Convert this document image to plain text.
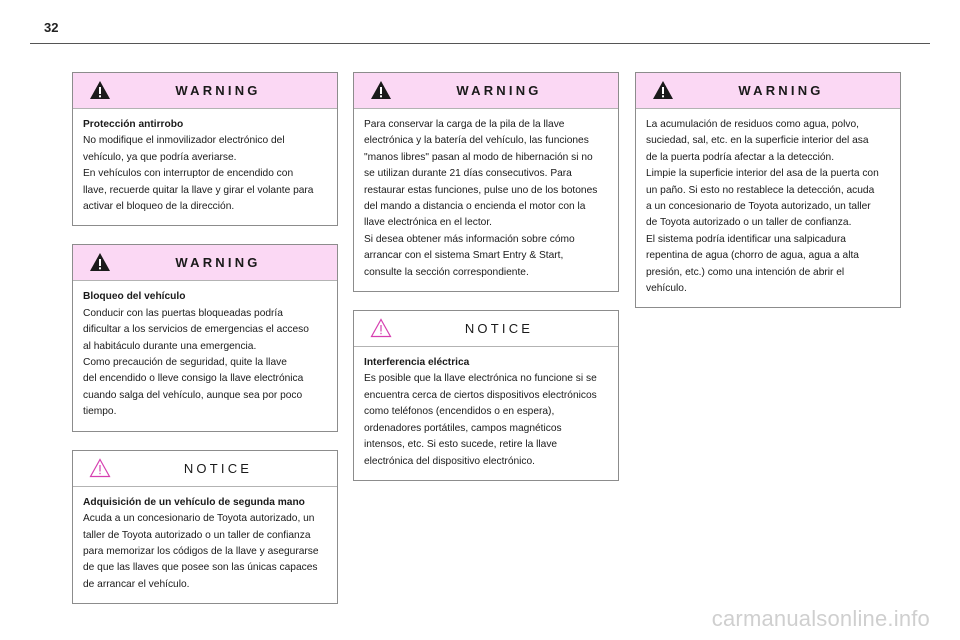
32
WARNING
Protección antirrobo

No modifique el inmovilizador electrónico del

vehículo, ya que podría averiarse.

En vehículos con interruptor de encendido con

llave, recuerde quitar la llave y girar el volante para

activar el bloqueo de la dirección.

WARNING
Bloqueo del vehículo

Conducir con las puertas bloqueadas podría

dificultar a los servicios de emergencias el acceso

al habitáculo durante una emergencia.

Como precaución de seguridad, quite la llave

del encendido o lleve consigo la llave electrónica

cuando salga del vehículo, aunque sea por poco

tiempo.

NOTICE
Adquisición de un vehículo de segunda mano

Acuda a un concesionario de Toyota autorizado, un

taller de Toyota autorizado o un taller de confianza

para memorizar los códigos de la llave y asegurarse

de que las llaves que posee son las únicas capaces

de arrancar el vehículo.

WARNING

Para conservar la carga de la pila de la llave

electrónica y la batería del vehículo, las funciones

"manos libres" pasan al modo de hibernación si no

se utilizan durante 21 días consecutivos. Para

restaurar estas funciones, pulse uno de los botones

del mando a distancia o encienda el motor con la

llave electrónica en el lector.

Si desea obtener más información sobre cómo

arrancar con el sistema Smart Entry & Start,

consulte la sección correspondiente.

NOTICE
Interferencia eléctrica

Es posible que la llave electrónica no funcione si se

encuentra cerca de ciertos dispositivos electrónicos

como teléfonos (encendidos o en espera),

ordenadores portátiles, campos magnéticos

intensos, etc. Si esto sucede, retire la llave

electrónica del dispositivo electrónico.

WARNING

La acumulación de residuos como agua, polvo,

suciedad, sal, etc. en la superficie interior del asa

de la puerta podría afectar a la detección.

Limpie la superficie interior del asa de la puerta con

un paño. Si esto no restablece la detección, acuda

a un concesionario de Toyota autorizado, un taller

de Toyota autorizado o un taller de confianza.

El sistema podría identificar una salpicadura

repentina de agua (chorro de agua, agua a alta

presión, etc.) como una intención de abrir el

vehículo.

carmanualsonline.info
